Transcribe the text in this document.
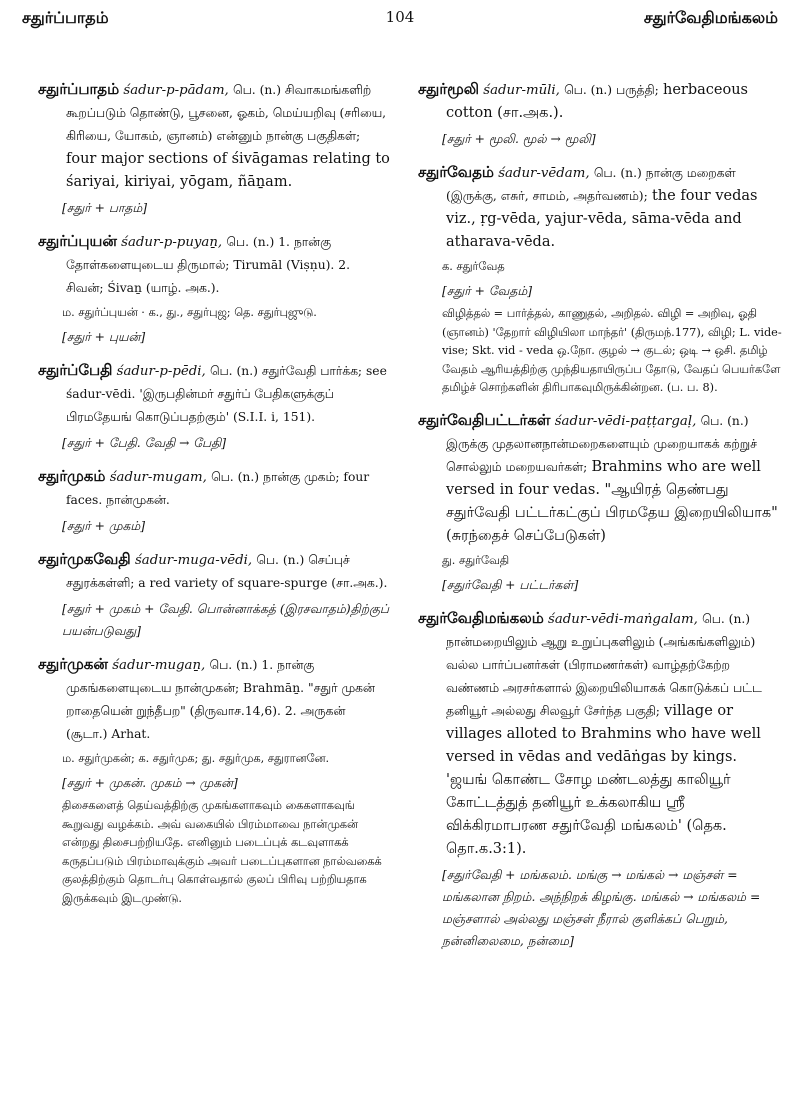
சதுர்ப்பாதம்	104	சதுர்வேதிமங்கலம்
சதுர்ப்பாதம் śadur-p-pādam, பெ. (n.) சிவாகமங்களிற் கூறப்படும் தொண்டு, பூசனை, ஓகம், மெய்யறிவு (சரியை, கிரியை, யோகம், ஞானம்) என்னும் நான்கு பகுதிகள்; four major sections of śivāgamas relating to śariyai, kiriyai, yōgam, ñāṉam.
[சதுர் + பாதம்]
சதுர்ப்புயன் śadur-p-puyaṉ, பெ. (n.) 1. நான்கு தோள்களையுடைய திருமால்; Tirumāl (Viṣṇu). 2. சிவன்; Śivaṉ (யாழ். அக.).
ம. சதுர்ப்புயன் · க., து., சதுர்புஜ; தெ. சதுர்புஜுடு.
[சதுர் + புயன்]
சதுர்ப்பேதி śadur-p-pēdi, பெ. (n.) சதுர்வேதி பார்க்க; see śadur-vēdi. 'இருபதின்மர் சதுர்ப் பேதிகளுக்குப் பிரமதேயங் கொடுப்பதற்கும்' (S.I.I. i, 151).
[சதுர் + பேதி. வேதி → பேதி]
சதுர்முகம் śadur-mugam, பெ. (n.) நான்கு முகம்; four faces. நான்முகன்.
[சதுர் + முகம்]
சதுர்முகவேதி śadur-muga-vēdi, பெ. (n.) செப்புச் சதுரக்கள்ளி; a red variety of square-spurge (சா.அக.).
[சதுர் + முகம் + வேதி. பொன்னாக்கத் (இரசவாதம்)திற்குப் பயன்படுவது]
சதுர்முகன் śadur-mugaṉ, பெ. (n.) 1. நான்கு முகங்களையுடைய நான்முகன்; Brahmāṉ. "சதுர் முகன் றாதையென் றுந்தீபற" (திருவாச.14,6). 2. அருகன் (சூடா.) Arhat.
ம. சதுர்முகன்; க. சதுர்முக; து. சதுர்முக, சதுரானனே.
[சதுர் + முகன். முகம் → முகன்]
திசைகளைத் தெய்வத்திற்கு முகங்களாகவும் கைகளாகவுங் கூறுவது வழக்கம். அவ் வகையில் பிரம்மாவை நான்முகன் என்றது திசைபற்றியதே. எனினும் படைப்புக் கடவுளாகக் கருதப்படும் பிரம்மாவுக்கும் அவர் படைப்புகளான நால்வகைக் குலத்திற்கும் தொடர்பு கொள்வதால் குலப் பிரிவு பற்றியதாக இருக்கவும் இடமுண்டு.
சதுர்மூலி śadur-mūli, பெ. (n.) பருத்தி; herbaceous cotton (சா.அக.).
[சதுர் + மூலி. மூல் → மூலி]
சதுர்வேதம் śadur-vēdam, பெ. (n.) நான்கு மறைகள் (இருக்கு, எசுர், சாமம், அதர்வணம்); the four vedas viz., ṛg-vēda, yajur-vēda, sāma-vēda and atharava-vēda.
க. சதுர்வேத
[சதுர் + வேதம்]
விழித்தல் = பார்த்தல், காணுதல், அறிதல். விழி = அறிவு, ஓதி (ஞானம்) 'தேறார் விழியிலா மாந்தர்' (திருமந்.177), விழி; L. vide-vise; Skt. vid - veda ஒ.நோ. குழல் → குடல்; ஒடி → ஒசி. தமிழ் வேதம் ஆரியத்திற்கு முந்தியதாயிருப்ப தோடு, வேதப் பெயர்களே தமிழ்ச் சொற்களின் திரிபாகவுமிருக்கின்றன. (ப. ப. 8).
சதுர்வேதிபட்டர்கள் śadur-vēdi-paṭṭargaḷ, பெ. (n.) இருக்கு முதலானநான்மறைகளையும் முறையாகக் கற்றுச் சொல்லும் மறையவர்கள்; Brahmins who are well versed in four vedas. "ஆயிரத் தெண்பது சதுர்வேதி பட்டர்கட்குப் பிரமதேய இறையிலியாக" (சுரந்தைச் செப்பேடுகள்)
து. சதுர்வேதி
[சதுர்வேதி + பட்டர்கள்]
சதுர்வேதிமங்கலம் śadur-vēdi-maṅgalam, பெ. (n.) நான்மறையிலும் ஆறு உறுப்புகளிலும் (அங்கங்களிலும்) வல்ல பார்ப்பனர்கள் (பிராமணர்கள்) வாழ்தற்கேற்ற வண்ணம் அரசர்களால் இறையிலியாகக் கொடுக்கப் பட்ட தனியூர் அல்லது சிலவூர் சேர்ந்த பகுதி; village or villages alloted to Brahmins who have well versed in vēdas and vedāṅgas by kings. 'ஜயங் கொண்ட சோழ மண்டலத்து காலியூர் கோட்டத்துத் தனியூர் உக்கலாகிய ஸ்ரீ விக்கிரமாபரண சதுர்வேதி மங்கலம்' (தெக. தொ.க.3:1).
[சதுர்வேதி + மங்கலம். மங்கு → மங்கல் → மஞ்சள் = மங்கலான நிறம். அந்நிறக் கிழங்கு. மங்கல் → மங்கலம் = மஞ்சளால் அல்லது மஞ்சள் நீரால் குளிக்கப் பெறும், நன்னிலைமை, நன்மை]
